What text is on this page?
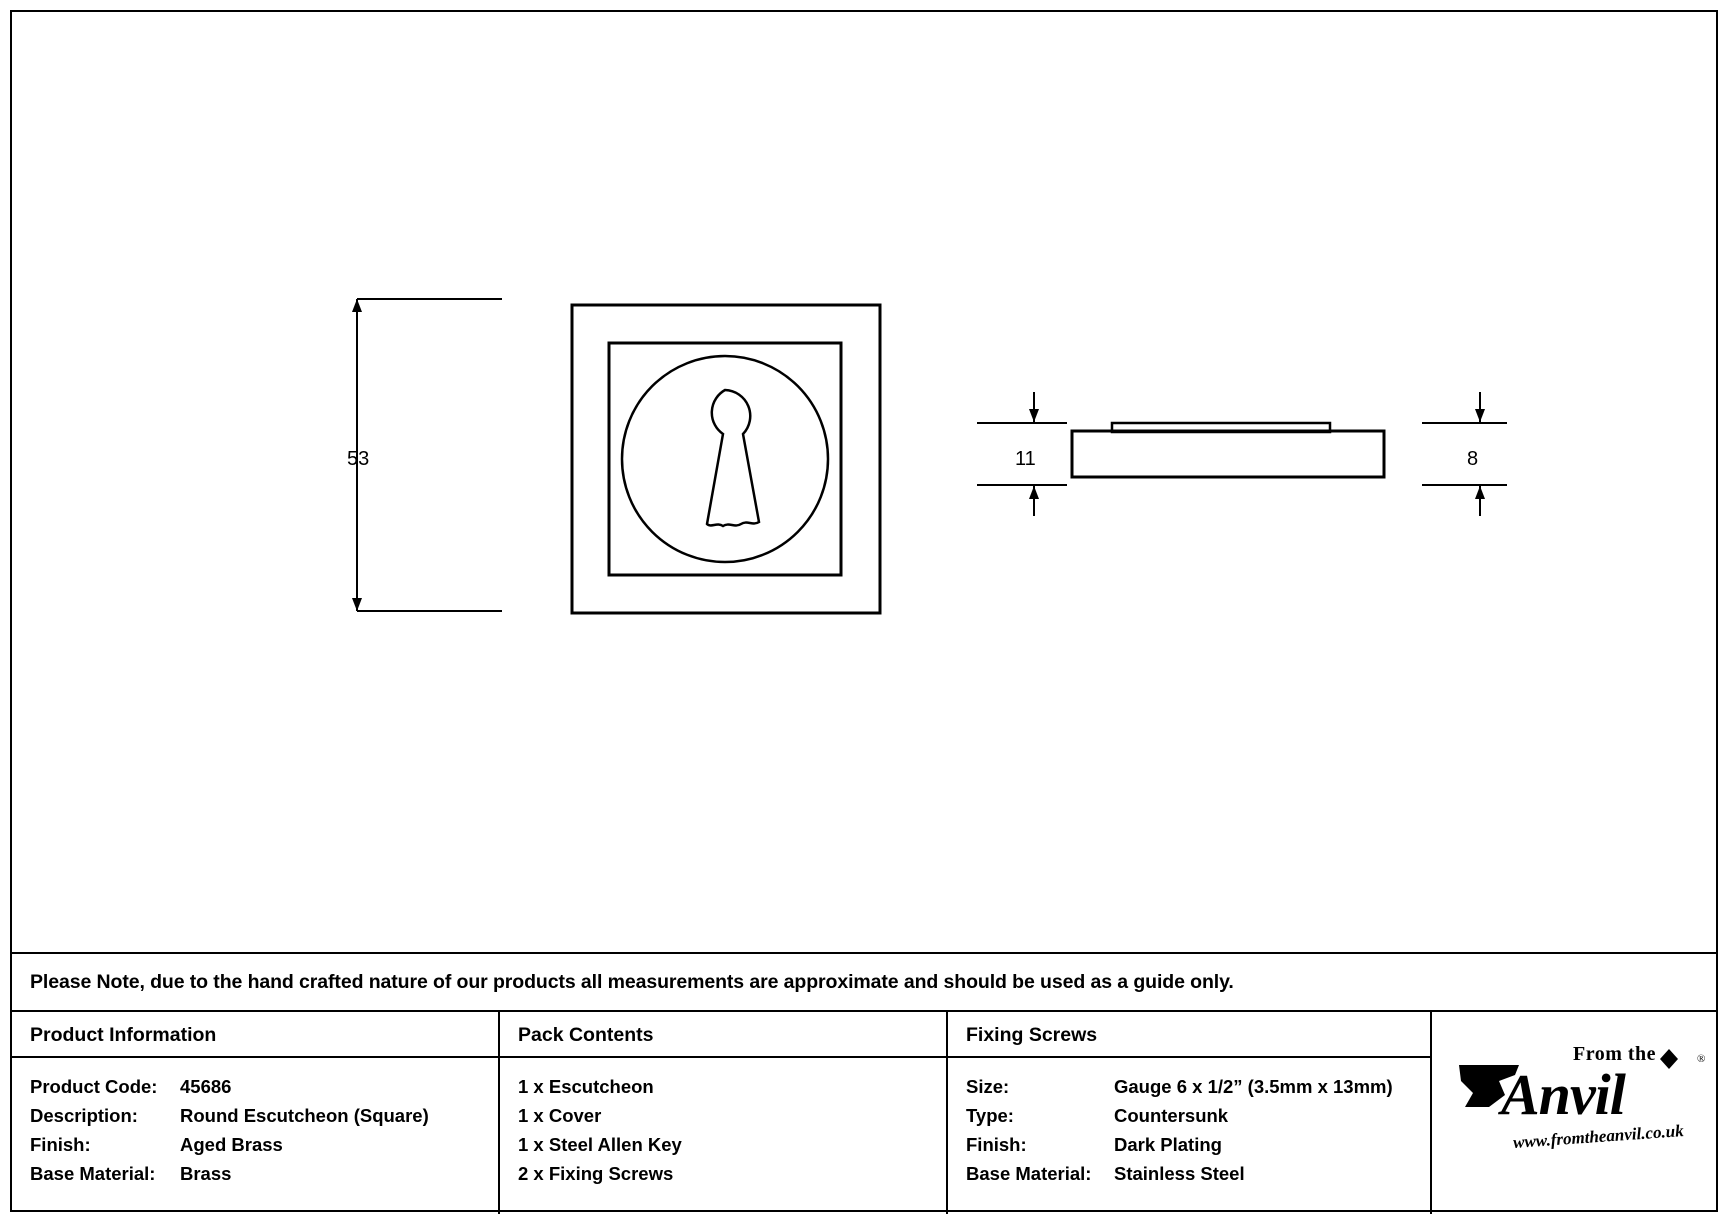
53	11	8
Please Note, due to the hand crafted nature of our products all measurements are approximate and should be used as a guide only.
Product Information
Product Code:	45686
Description:	Round Escutcheon (Square)
Finish:	Aged Brass
Base Material:	Brass
Pack Contents
1 x Escutcheon
1 x Cover
1 x Steel Allen Key
2 x Fixing Screws
Fixing Screws
Size:	Gauge 6 x 1/2” (3.5mm x 13mm)
Type:	Countersunk
Finish:	Dark Plating
Base Material:	Stainless Steel
From the
Anvil
www.fromtheanvil.co.uk
®
